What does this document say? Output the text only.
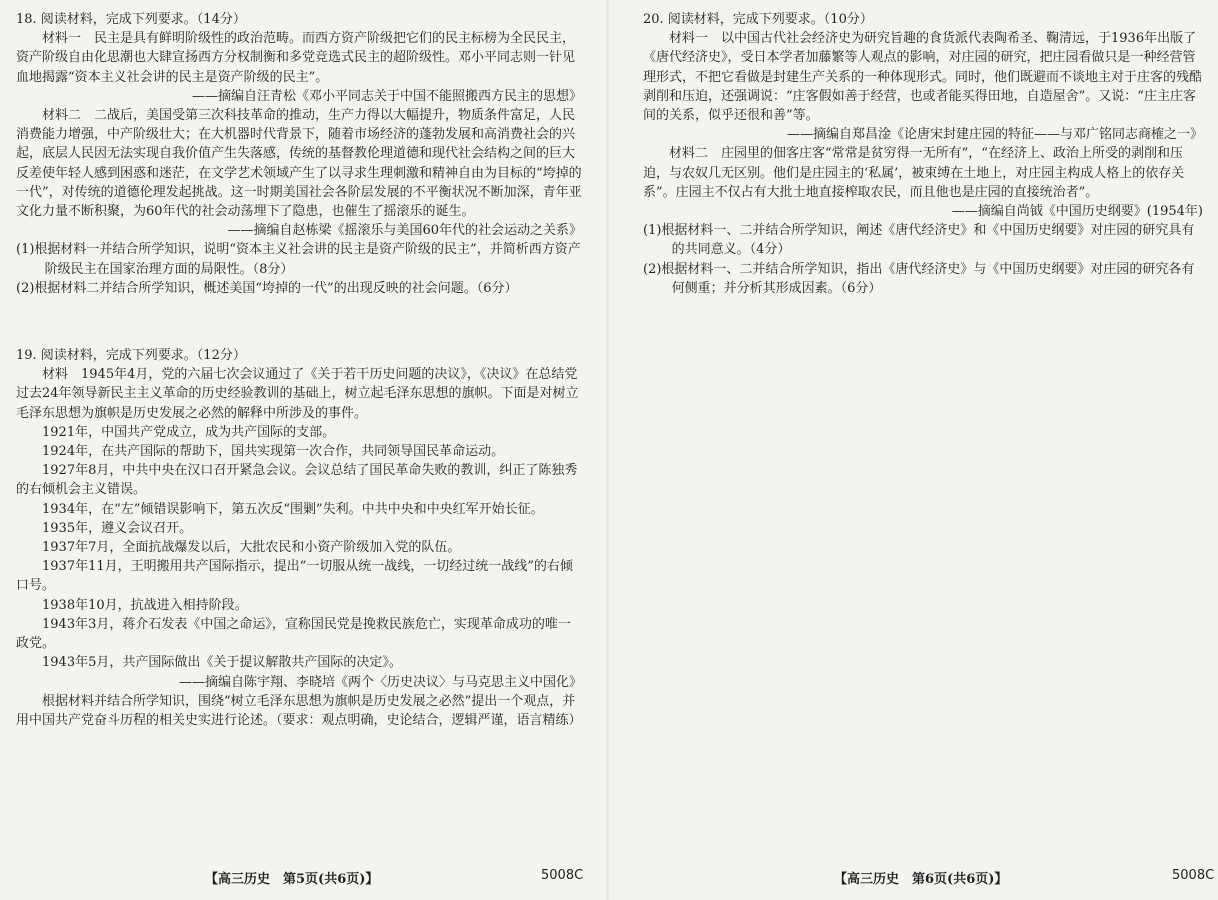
18. 阅读材料，完成下列要求。（14分）

材料一　民主是具有鲜明阶级性的政治范畴。而西方资产阶级把它们的民主标榜为全民民主，资产阶级自由化思潮也大肆宣扬西方分权制衡和多党竞选式民主的超阶级性。邓小平同志则一针见血地揭露“资本主义社会讲的民主是资产阶级的民主”。

——摘编自汪青松《邓小平同志关于中国不能照搬西方民主的思想》

材料二　二战后，美国受第三次科技革命的推动，生产力得以大幅提升，物质条件富足，人民消费能力增强，中产阶级壮大；在大机器时代背景下，随着市场经济的蓬勃发展和高消费社会的兴起，底层人民因无法实现自我价值产生失落感，传统的基督教伦理道德和现代社会结构之间的巨大反差使年轻人感到困惑和迷茫，在文学艺术领域产生了以寻求生理刺激和精神自由为目标的“垮掉的一代”，对传统的道德伦理发起挑战。这一时期美国社会各阶层发展的不平衡状况不断加深，青年亚文化力量不断积聚，为60年代的社会动荡埋下了隐患，也催生了摇滚乐的诞生。

——摘编自赵栋梁《摇滚乐与美国60年代的社会运动之关系》

(1)根据材料一并结合所学知识，说明“资本主义社会讲的民主是资产阶级的民主”，并简析西方资产阶级民主在国家治理方面的局限性。（8分）

(2)根据材料二并结合所学知识，概述美国“垮掉的一代”的出现反映的社会问题。（6分）

19. 阅读材料，完成下列要求。（12分）

材料　1945年4月，党的六届七次会议通过了《关于若干历史问题的决议》，《决议》在总结党过去24年领导新民主主义革命的历史经验教训的基础上，树立起毛泽东思想的旗帜。下面是对树立毛泽东思想为旗帜是历史发展之必然的解释中所涉及的事件。

1921年，中国共产党成立，成为共产国际的支部。

1924年，在共产国际的帮助下，国共实现第一次合作，共同领导国民革命运动。

1927年8月，中共中央在汉口召开紧急会议。会议总结了国民革命失败的教训，纠正了陈独秀的右倾机会主义错误。

1934年，在“左”倾错误影响下，第五次反“围剿”失利。中共中央和中央红军开始长征。

1935年，遵义会议召开。

1937年7月，全面抗战爆发以后，大批农民和小资产阶级加入党的队伍。

1937年11月，王明搬用共产国际指示，提出“一切服从统一战线，一切经过统一战线”的右倾口号。

1938年10月，抗战进入相持阶段。

1943年3月，蒋介石发表《中国之命运》，宣称国民党是挽救民族危亡，实现革命成功的唯一政党。

1943年5月，共产国际做出《关于提议解散共产国际的决定》。

——摘编自陈宇翔、李晓培《两个〈历史决议〉与马克思主义中国化》

根据材料并结合所学知识，围绕“树立毛泽东思想为旗帜是历史发展之必然”提出一个观点，并用中国共产党奋斗历程的相关史实进行论述。（要求：观点明确，史论结合，逻辑严谨，语言精练）

【高三历史　第5页(共6页)】	5008C

20. 阅读材料，完成下列要求。（10分）

材料一　以中国古代社会经济史为研究旨趣的食货派代表陶希圣、鞠清远，于1936年出版了《唐代经济史》，受日本学者加藤繁等人观点的影响，对庄园的研究，把庄园看做只是一种经营管理形式，不把它看做是封建生产关系的一种体现形式。同时，他们既避而不谈地主对于庄客的残酷剥削和压迫，还强调说：“庄客假如善于经营，也或者能买得田地，自造屋舍”。又说：“庄主庄客间的关系，似乎还很和善”等。

——摘编自郑昌淦《论唐宋封建庄园的特征——与邓广铭同志商榷之一》

材料二　庄园里的佃客庄客“常常是贫穷得一无所有”，“在经济上、政治上所受的剥削和压迫，与农奴几无区别。他们是庄园主的‘私属’，被束缚在土地上，对庄园主构成人格上的依存关系”。庄园主不仅占有大批土地直接榨取农民，而且他也是庄园的直接统治者”。

——摘编自尚钺《中国历史纲要》(1954年)

(1)根据材料一、二并结合所学知识，阐述《唐代经济史》和《中国历史纲要》对庄园的研究具有的共同意义。（4分）

(2)根据材料一、二并结合所学知识，指出《唐代经济史》与《中国历史纲要》对庄园的研究各有何侧重；并分析其形成因素。（6分）

【高三历史　第6页(共6页)】	5008C
